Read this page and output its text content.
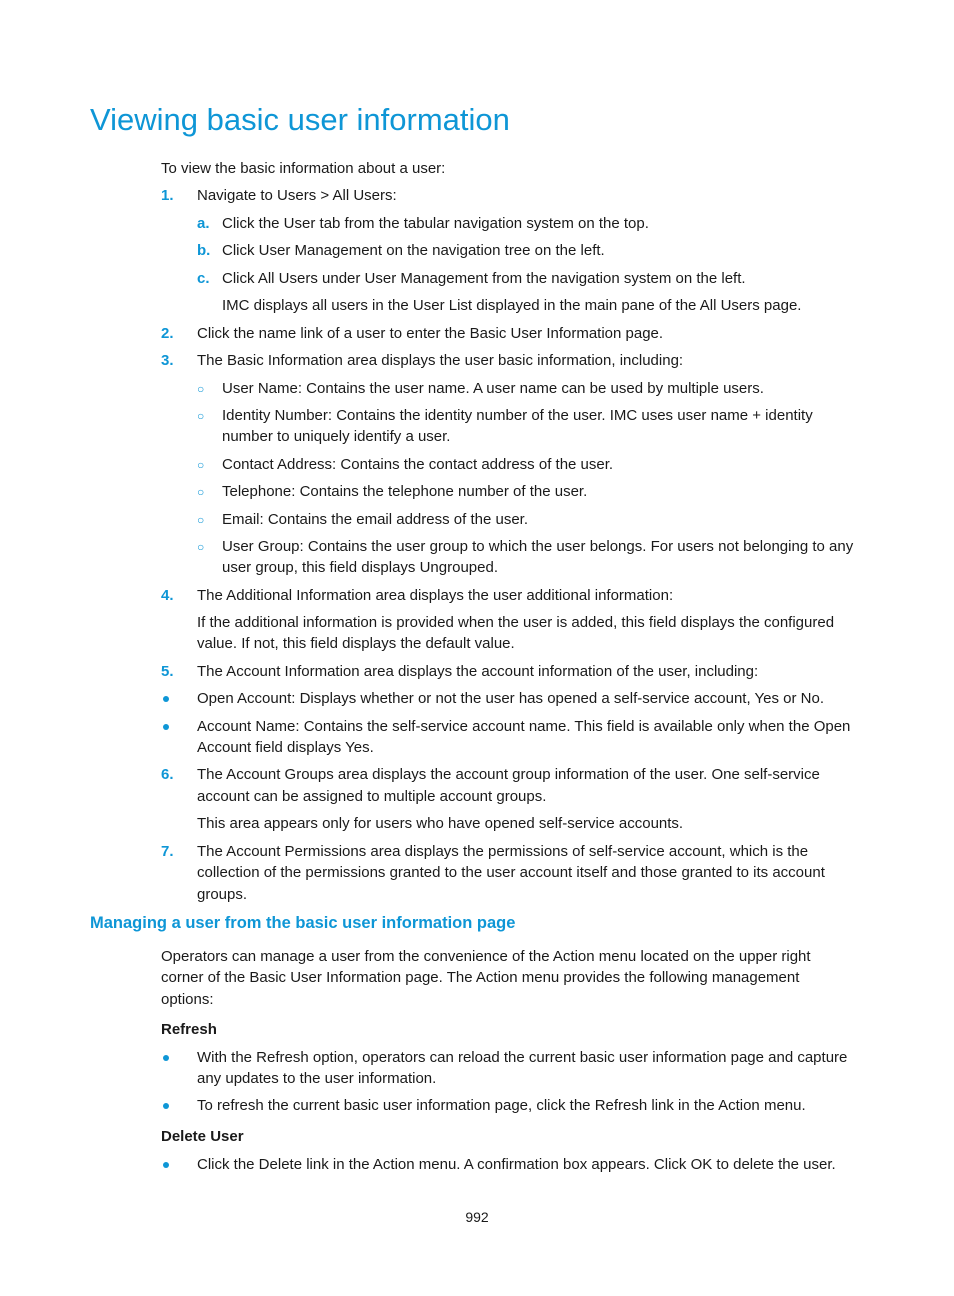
Viewing basic user information
To view the basic information about a user:
1. Navigate to Users > All Users:
a. Click the User tab from the tabular navigation system on the top.
b. Click User Management on the navigation tree on the left.
c. Click All Users under User Management from the navigation system on the left.
IMC displays all users in the User List displayed in the main pane of the All Users page.
2. Click the name link of a user to enter the Basic User Information page.
3. The Basic Information area displays the user basic information, including:
○ User Name: Contains the user name. A user name can be used by multiple users.
○ Identity Number: Contains the identity number of the user. IMC uses user name + identity
number to uniquely identify a user.
○ Contact Address: Contains the contact address of the user.
○ Telephone: Contains the telephone number of the user.
○ Email: Contains the email address of the user.
○ User Group: Contains the user group to which the user belongs. For users not belonging to any
user group, this field displays Ungrouped.
4. The Additional Information area displays the user additional information:
If the additional information is provided when the user is added, this field displays the configured
value. If not, this field displays the default value.
5. The Account Information area displays the account information of the user, including:
Open Account: Displays whether or not the user has opened a self-service account, Yes or No.
Account Name: Contains the self-service account name. This field is available only when the Open
Account field displays Yes.
6. The Account Groups area displays the account group information of the user. One self-service
account can be assigned to multiple account groups.
This area appears only for users who have opened self-service accounts.
7. The Account Permissions area displays the permissions of self-service account, which is the
collection of the permissions granted to the user account itself and those granted to its account
groups.
Managing a user from the basic user information page
Operators can manage a user from the convenience of the Action menu located on the upper right
corner of the Basic User Information page. The Action menu provides the following management
options:
Refresh
With the Refresh option, operators can reload the current basic user information page and capture
any updates to the user information.
To refresh the current basic user information page, click the Refresh link in the Action menu.
Delete User
Click the Delete link in the Action menu. A confirmation box appears. Click OK to delete the user.
992
